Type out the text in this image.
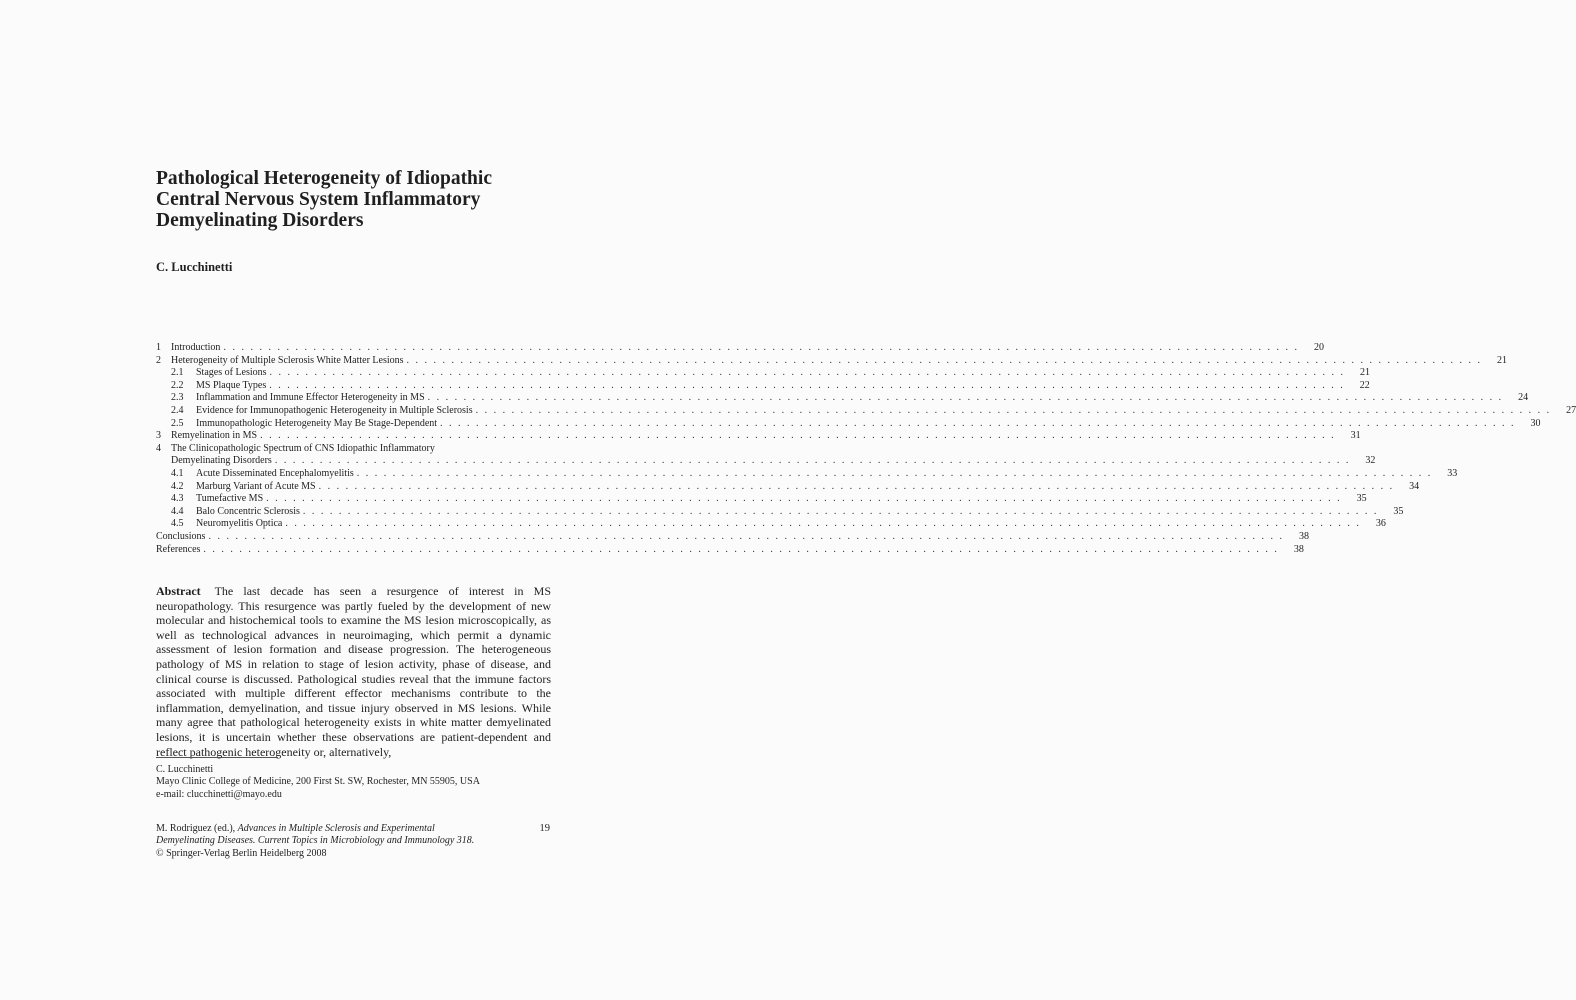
Pathological Heterogeneity of Idiopathic
Central Nervous System Inflammatory
Demyelinating Disorders
C. Lucchinetti
1	Introduction . . . . . . . . . . . . . . . . . . . . . . . . . . . . . . . . . . . . . . . . . . . . . . . . . . . . . . . . . . . . . . . . . . . . . . . . . . . . . . . . . . . . . . . . . . . . . . . . . . . . . . . . . . . . . . . . . . . . . . . .	20
2	Heterogeneity of Multiple Sclerosis White Matter Lesions . . . . . . . . . . . . . . . . . . . . . . . . . . . . . . . . . . . . . . . . . . . . . . . . . . . . . . . . . . . . . . . . . . . . . . . . . . . . . . . . . . . . . . . . . . . . . . . . . . . . . . . . . . . . . . . . . . . . . . . .	21
2.1	Stages of Lesions . . . . . . . . . . . . . . . . . . . . . . . . . . . . . . . . . . . . . . . . . . . . . . . . . . . . . . . . . . . . . . . . . . . . . . . . . . . . . . . . . . . . . . . . . . . . . . . . . . . . . . . . . . . . . . . . . . . . . . . .	21
2.2	MS Plaque Types . . . . . . . . . . . . . . . . . . . . . . . . . . . . . . . . . . . . . . . . . . . . . . . . . . . . . . . . . . . . . . . . . . . . . . . . . . . . . . . . . . . . . . . . . . . . . . . . . . . . . . . . . . . . . . . . . . . . . . . .	22
2.3	Inflammation and Immune Effector Heterogeneity in MS . . . . . . . . . . . . . . . . . . . . . . . . . . . . . . . . . . . . . . . . . . . . . . . . . . . . . . . . . . . . . . . . . . . . . . . . . . . . . . . . . . . . . . . . . . . . . . . . . . . . . . . . . . . . . . . . . . . . . . . .	24
2.4	Evidence for Immunopathogenic Heterogeneity in Multiple Sclerosis . . . . . . . . . . . . . . . . . . . . . . . . . . . . . . . . . . . . . . . . . . . . . . . . . . . . . . . . . . . . . . . . . . . . . . . . . . . . . . . . . . . . . . . . . . . . . . . . . . . . . . . . . . . . . . . . . . . . . . . .	27
2.5	Immunopathologic Heterogeneity May Be Stage-Dependent . . . . . . . . . . . . . . . . . . . . . . . . . . . . . . . . . . . . . . . . . . . . . . . . . . . . . . . . . . . . . . . . . . . . . . . . . . . . . . . . . . . . . . . . . . . . . . . . . . . . . . . . . . . . . . . . . . . . . . . .	30
3	Remyelination in MS . . . . . . . . . . . . . . . . . . . . . . . . . . . . . . . . . . . . . . . . . . . . . . . . . . . . . . . . . . . . . . . . . . . . . . . . . . . . . . . . . . . . . . . . . . . . . . . . . . . . . . . . . . . . . . . . . . . . . . . .	31
4	The Clinicopathologic Spectrum of CNS Idiopathic Inflammatory
Demyelinating Disorders . . . . . . . . . . . . . . . . . . . . . . . . . . . . . . . . . . . . . . . . . . . . . . . . . . . . . . . . . . . . . . . . . . . . . . . . . . . . . . . . . . . . . . . . . . . . . . . . . . . . . . . . . . . . . . . . . . . . . . . .	32
4.1	Acute Disseminated Encephalomyelitis . . . . . . . . . . . . . . . . . . . . . . . . . . . . . . . . . . . . . . . . . . . . . . . . . . . . . . . . . . . . . . . . . . . . . . . . . . . . . . . . . . . . . . . . . . . . . . . . . . . . . . . . . . . . . . . . . . . . . . . .	33
4.2	Marburg Variant of Acute MS . . . . . . . . . . . . . . . . . . . . . . . . . . . . . . . . . . . . . . . . . . . . . . . . . . . . . . . . . . . . . . . . . . . . . . . . . . . . . . . . . . . . . . . . . . . . . . . . . . . . . . . . . . . . . . . . . . . . . . . .	34
4.3	Tumefactive MS . . . . . . . . . . . . . . . . . . . . . . . . . . . . . . . . . . . . . . . . . . . . . . . . . . . . . . . . . . . . . . . . . . . . . . . . . . . . . . . . . . . . . . . . . . . . . . . . . . . . . . . . . . . . . . . . . . . . . . . .	35
4.4	Balo Concentric Sclerosis . . . . . . . . . . . . . . . . . . . . . . . . . . . . . . . . . . . . . . . . . . . . . . . . . . . . . . . . . . . . . . . . . . . . . . . . . . . . . . . . . . . . . . . . . . . . . . . . . . . . . . . . . . . . . . . . . . . . . . . .	35
4.5	Neuromyelitis Optica . . . . . . . . . . . . . . . . . . . . . . . . . . . . . . . . . . . . . . . . . . . . . . . . . . . . . . . . . . . . . . . . . . . . . . . . . . . . . . . . . . . . . . . . . . . . . . . . . . . . . . . . . . . . . . . . . . . . . . . .	36
Conclusions . . . . . . . . . . . . . . . . . . . . . . . . . . . . . . . . . . . . . . . . . . . . . . . . . . . . . . . . . . . . . . . . . . . . . . . . . . . . . . . . . . . . . . . . . . . . . . . . . . . . . . . . . . . . . . . . . . . . . . . .	38
References . . . . . . . . . . . . . . . . . . . . . . . . . . . . . . . . . . . . . . . . . . . . . . . . . . . . . . . . . . . . . . . . . . . . . . . . . . . . . . . . . . . . . . . . . . . . . . . . . . . . . . . . . . . . . . . . . . . . . . . .	38

Abstract The last decade has seen a resurgence of interest in MS neuropathology. This resurgence was partly fueled by the development of new molecular and histochemical tools to examine the MS lesion microscopically, as well as technological advances in neuroimaging, which permit a dynamic assessment of lesion formation and disease progression. The heterogeneous pathology of MS in relation to stage of lesion activity, phase of disease, and clinical course is discussed. Pathological studies reveal that the immune factors associated with multiple different effector mechanisms contribute to the inflammation, demyelination, and tissue injury observed in MS lesions. While many agree that pathological heterogeneity exists in white matter demyelinated lesions, it is uncertain whether these observations are patient-dependent and reflect pathogenic heterogeneity or, alternatively,

C. Lucchinetti
Mayo Clinic College of Medicine, 200 First St. SW, Rochester, MN 55905, USA
e-mail: clucchinetti@mayo.edu
M. Rodriguez (ed.), Advances in Multiple Sclerosis and Experimental
Demyelinating Diseases. Current Topics in Microbiology and Immunology 318.
© Springer-Verlag Berlin Heidelberg 2008
19
